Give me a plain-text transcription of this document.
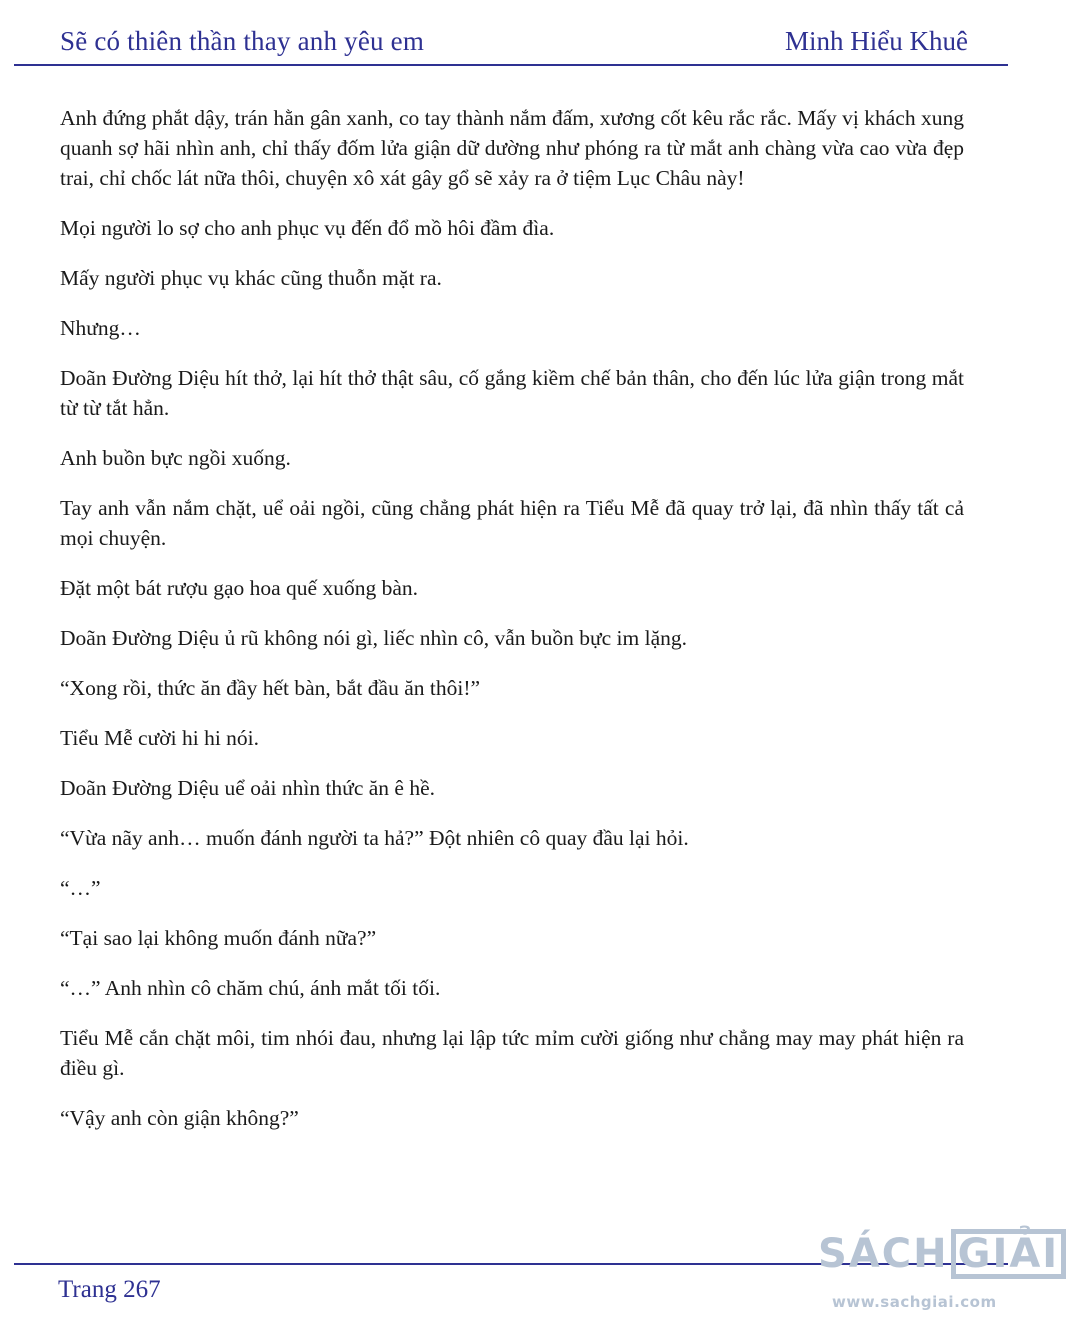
Sẽ có thiên thần thay anh yêu em	Minh Hiểu Khuê

Anh đứng phắt dậy, trán hằn gân xanh, co tay thành nắm đấm, xương cốt kêu rắc rắc. Mấy vị khách xung quanh sợ hãi nhìn anh, chỉ thấy đốm lửa giận dữ dường như phóng ra từ mắt anh chàng vừa cao vừa đẹp trai, chỉ chốc lát nữa thôi, chuyện xô xát gây gổ sẽ xảy ra ở tiệm Lục Châu này!

Mọi người lo sợ cho anh phục vụ đến đổ mồ hôi đầm đìa.

Mấy người phục vụ khác cũng thuỗn mặt ra.

Nhưng…

Doãn Đường Diệu hít thở, lại hít thở thật sâu, cố gắng kiềm chế bản thân, cho đến lúc lửa giận trong mắt từ từ tắt hẳn.

Anh buồn bực ngồi xuống.

Tay anh vẫn nắm chặt, uể oải ngồi, cũng chẳng phát hiện ra Tiểu Mễ đã quay trở lại, đã nhìn thấy tất cả mọi chuyện.

Đặt một bát rượu gạo hoa quế xuống bàn.

Doãn Đường Diệu ủ rũ không nói gì, liếc nhìn cô, vẫn buồn bực im lặng.

“Xong rồi, thức ăn đầy hết bàn, bắt đầu ăn thôi!”

Tiểu Mễ cười hi hi nói.

Doãn Đường Diệu uể oải nhìn thức ăn ê hề.

“Vừa nãy anh… muốn đánh người ta hả?” Đột nhiên cô quay đầu lại hỏi.

“…”

“Tại sao lại không muốn đánh nữa?”

“…” Anh nhìn cô chăm chú, ánh mắt tối tối.

Tiểu Mễ cắn chặt môi, tim nhói đau, nhưng lại lập tức mỉm cười giống như chẳng may may phát hiện ra điều gì.

“Vậy anh còn giận không?”

Trang 267
SÁCH GIẢI
www.sachgiai.com
